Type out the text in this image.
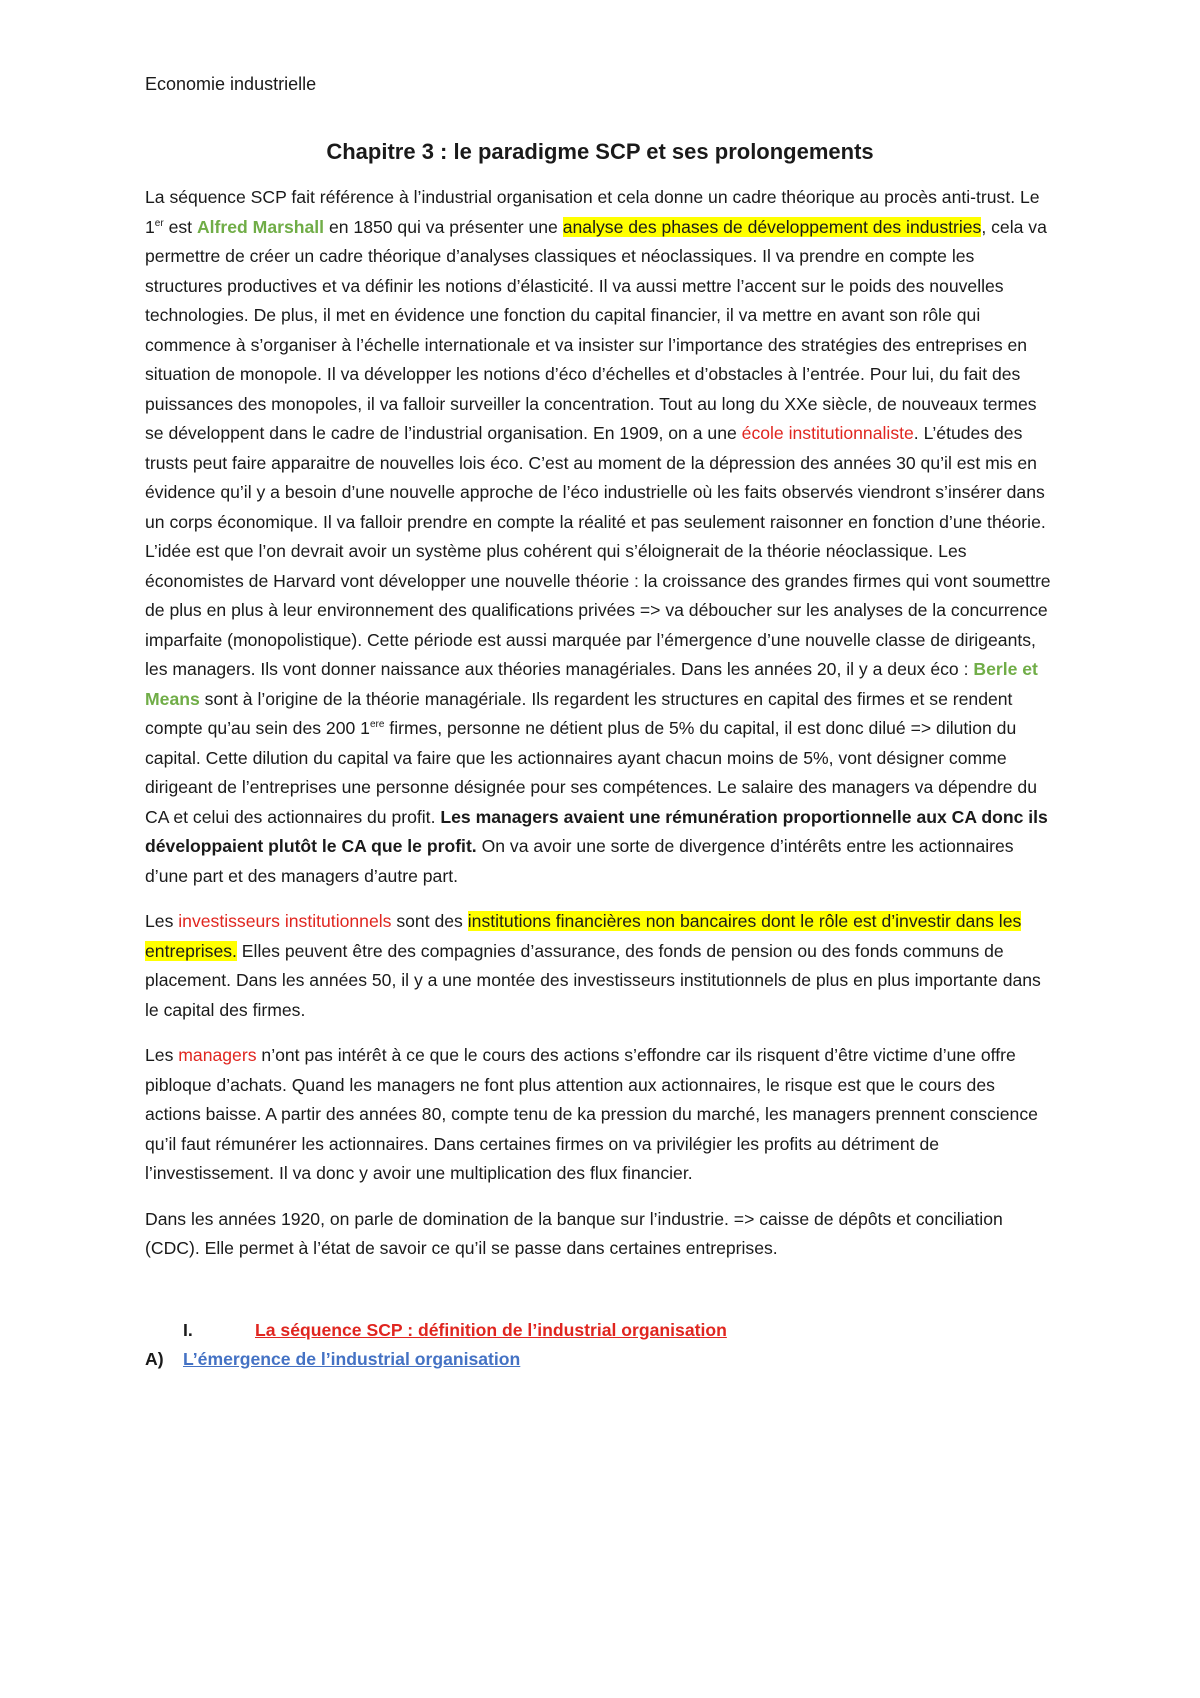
Economie industrielle
Chapitre 3 : le paradigme SCP et ses prolongements

La séquence SCP fait référence à l’industrial organisation et cela donne un cadre théorique au procès anti-trust. Le 1er est Alfred Marshall en 1850 qui va présenter une analyse des phases de développement des industries, cela va permettre de créer un cadre théorique d’analyses classiques et néoclassiques. Il va prendre en compte les structures productives et va définir les notions d’élasticité. Il va aussi mettre l’accent sur le poids des nouvelles technologies. De plus, il met en évidence une fonction du capital financier, il va mettre en avant son rôle qui commence à s’organiser à l’échelle internationale et va insister sur l’importance des stratégies des entreprises en situation de monopole. Il va développer les notions d’éco d’échelles et d’obstacles à l’entrée. Pour lui, du fait des puissances des monopoles, il va falloir surveiller la concentration. Tout au long du XXe siècle, de nouveaux termes se développent dans le cadre de l’industrial organisation. En 1909, on a une école institutionnaliste. L’études des trusts peut faire apparaitre de nouvelles lois éco. C’est au moment de la dépression des années 30 qu’il est mis en évidence qu’il y a besoin d’une nouvelle approche de l’éco industrielle où les faits observés viendront s’insérer dans un corps économique. Il va falloir prendre en compte la réalité et pas seulement raisonner en fonction d’une théorie. L’idée est que l’on devrait avoir un système plus cohérent qui s’éloignerait de la théorie néoclassique. Les économistes de Harvard vont développer une nouvelle théorie : la croissance des grandes firmes qui vont soumettre de plus en plus à leur environnement des qualifications privées => va déboucher sur les analyses de la concurrence imparfaite (monopolistique). Cette période est aussi marquée par l’émergence d’une nouvelle classe de dirigeants, les managers. Ils vont donner naissance aux théories managériales. Dans les années 20, il y a deux éco : Berle et Means sont à l’origine de la théorie managériale. Ils regardent les structures en capital des firmes et se rendent compte qu’au sein des 200 1ere firmes, personne ne détient plus de 5% du capital, il est donc dilué => dilution du capital. Cette dilution du capital va faire que les actionnaires ayant chacun moins de 5%, vont désigner comme dirigeant de l’entreprises une personne désignée pour ses compétences. Le salaire des managers va dépendre du CA et celui des actionnaires du profit. Les managers avaient une rémunération proportionnelle aux CA donc ils développaient plutôt le CA que le profit. On va avoir une sorte de divergence d’intérêts entre les actionnaires d’une part et des managers d’autre part.

Les investisseurs institutionnels sont des institutions financières non bancaires dont le rôle est d’investir dans les entreprises. Elles peuvent être des compagnies d’assurance, des fonds de pension ou des fonds communs de placement. Dans les années 50, il y a une montée des investisseurs institutionnels de plus en plus importante dans le capital des firmes.

Les managers n’ont pas intérêt à ce que le cours des actions s’effondre car ils risquent d’être victime d’une offre pibloque d’achats. Quand les managers ne font plus attention aux actionnaires, le risque est que le cours des actions baisse. A partir des années 80, compte tenu de ka pression du marché, les managers prennent conscience qu’il faut rémunérer les actionnaires. Dans certaines firmes on va privilégier les profits au détriment de l’investissement. Il va donc y avoir une multiplication des flux financier.

Dans les années 1920, on parle de domination de la banque sur l’industrie. => caisse de dépôts et conciliation (CDC). Elle permet à l’état de savoir ce qu’il se passe dans certaines entreprises.

I.	La séquence SCP : définition de l’industrial organisation
A)	L’émergence de l’industrial organisation
